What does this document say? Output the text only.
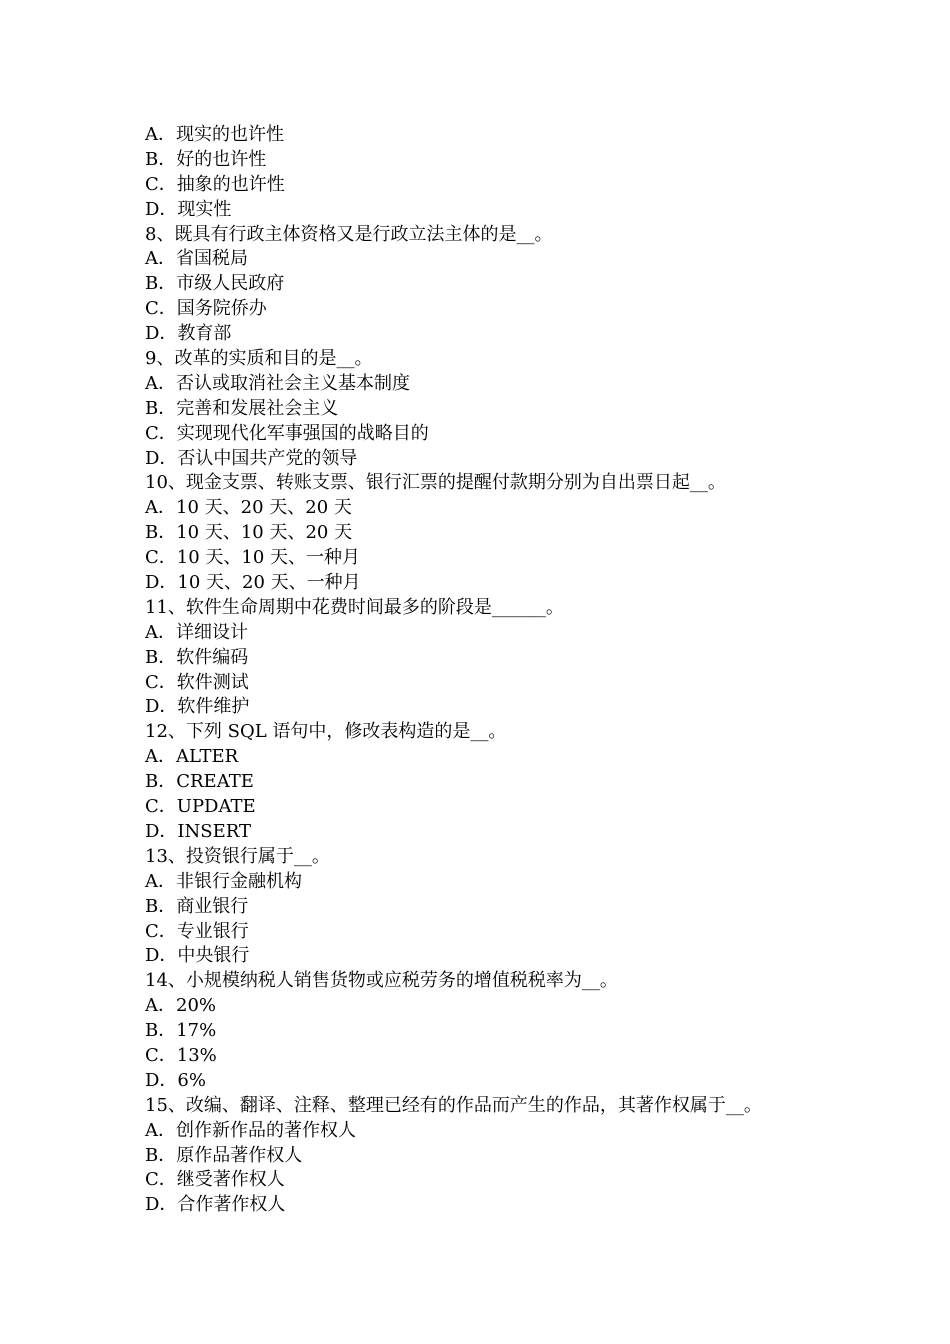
A．现实的也许性
B．好的也许性
C．抽象的也许性
D．现实性
8、既具有行政主体资格又是行政立法主体的是__。
A．省国税局
B．市级人民政府
C．国务院侨办
D．教育部
9、改革的实质和目的是__。
A．否认或取消社会主义基本制度
B．完善和发展社会主义
C．实现现代化军事强国的战略目的
D．否认中国共产党的领导
10、现金支票、转账支票、银行汇票的提醒付款期分别为自出票日起__。
A．10 天、20 天、20 天
B．10 天、10 天、20 天
C．10 天、10 天、一种月
D．10 天、20 天、一种月
11、软件生命周期中花费时间最多的阶段是______。
A．详细设计
B．软件编码
C．软件测试
D．软件维护
12、下列 SQL 语句中，修改表构造的是__。
A．ALTER
B．CREATE
C．UPDATE
D．INSERT
13、投资银行属于__。
A．非银行金融机构
B．商业银行
C．专业银行
D．中央银行
14、小规模纳税人销售货物或应税劳务的增值税税率为__。
A．20%
B．17%
C．13%
D．6%
15、改编、翻译、注释、整理已经有的作品而产生的作品，其著作权属于__。
A．创作新作品的著作权人
B．原作品著作权人
C．继受著作权人
D．合作著作权人
